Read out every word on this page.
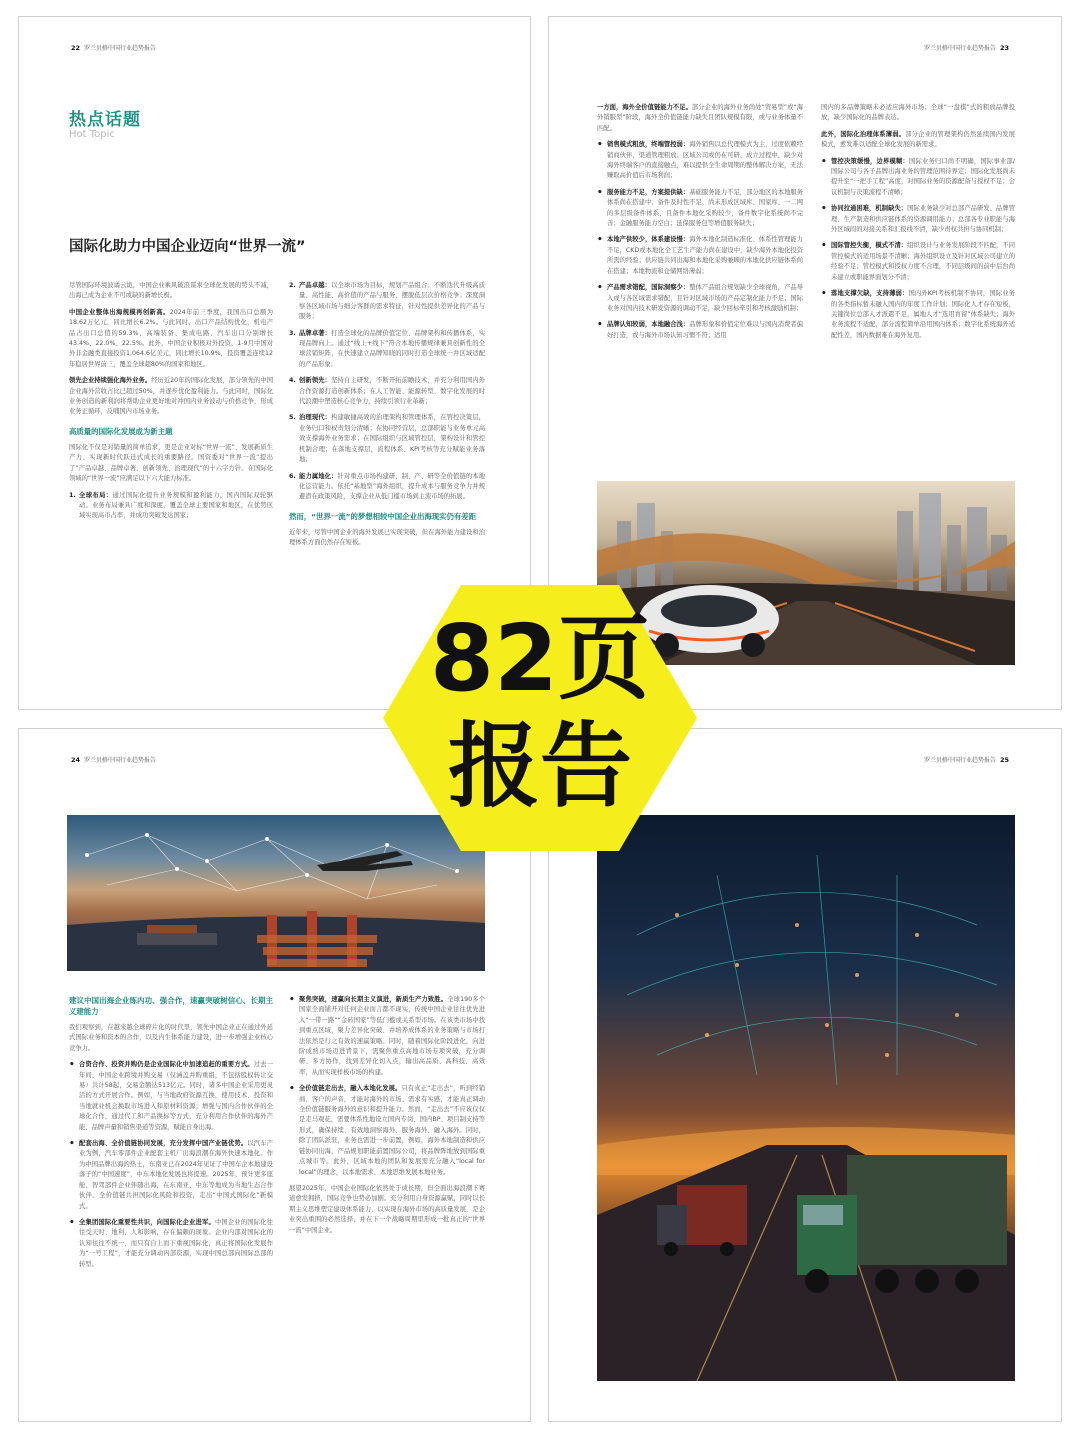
22 罗兰贝格中国行业趋势报告
热点话题
Hot Topic
国际化助力中国企业迈向“世界一流”

尽管国际环境波谲云诡，中国企业乘风破浪谋求全球化发展的势头不减，出海已成为企业不可或缺的新增长极。

中国企业整体出海规模再创新高。2024年前三季度，我国出口总额为18.62万亿元，同比增长6.2%。与此同时，出口产品结构优化，机电产品占出口总值的59.3%，高端装备、集成电路、汽车出口分别增长43.4%、22.0%、22.5%。此外，中国企业积极对外投资，1-9月中国对外非金融类直接投资1,064.6亿美元，同比增长10.9%，投资覆盖连续12年稳居世界前三，覆盖全球超80%的国家和地区。

领先企业持续强化海外业务。经历近20年的国际化发展，部分领先的中国企业海外营收占比已超过50%，并逐步优化盈利能力。与此同时，国际化业务创造的新利润将帮助企业更好地对冲国内业务波动与价格竞争，形成业务正循环，反哺国内市场业务。

高质量的国际化发展成为新主题

国际化不仅是对销量的简单追求，更是企业对标“世界一流”、发展新质生产力、实现新时代跃迁式成长的重要路径。国资委对“世界一流”提出了“产品卓越、品牌卓著、创新领先、治理现代”的十六字方针。在国际化领域的“世界一流”应满足以下六大能力标准。

1. 全球布局：通过国际化提升业务规模和盈利能力，国内国际双轮驱动。业务布局兼具广度和深度，覆盖全球主要国家和地区，在优势区域实现高市占率，并成功突破发达国家；
2. 产品卓越：以全球市场为目标，规划产品组合；不断迭代升级高质量、高性能、高价值的产品与服务，摆脱低层次价格竞争；深度洞察各区域市场与细分客群的需求特征，针对性提供差异化的产品与服务；
3. 品牌卓著：打造全球化的品牌价值定位、品牌架构和传播体系，实现品牌向上。通过“线上+线下”符合本地传播规律兼具创新性的全球营销矩阵，在快速建立品牌知晓的同时打造全球统一并区域适配的产品形象；
4. 创新领先：坚持自主研发，不断开拓前瞻技术，并充分利用国内外合作资源打造创新体系；在人工智能、能源转型、数字化发展的时代浪潮中塑造核心竞争力，持续引领行业革新；
5. 治理现代：构建敏捷高效的治理架构和管理体系，在管控决策层，业务归口和权责划分清晰；在协同经营层，总部职能与业务单元高效支撑海外业务需求；在国际组织与区域管控层，架构设计和管控机制合理；在落地支撑层，流程体系、KPI考核等充分赋能业务落地；
6. 能力属地化：针对重点市场构建研、制、产、研等全价值链的本地化运营能力。依托“基地型”海外组织，提升成本与服务竞争力并规避潜在政策风险，支撑企业从低门槛市场到主流市场的拓展。
然而，“世界一流”的梦想相较中国企业出海现实仍有差距

近年来，尽管中国企业的海外发展已实现突破，但在海外能力建设和治理体系方面仍然存在短板。

罗兰贝格中国行业趋势报告 23

一方面，海外全价值链能力不足。部分企业的海外业务尚处“贸易型”或“海外销服型”阶段，海外全价值链能力缺失且团队规模有限，或与业务体量不匹配。

• 销售模式粗放，终端管控弱：海外销售以总代理模式为主，过度依赖经销商伙伴，渠道管理粗放；区域公司或仍在可研、成立过程中，缺少对海外终端客户的直接触点，难以提供全生命周期的整体解决方案，无法赚取高价值后市场利润；
• 服务能力不足，方案提供缺：基础服务能力不足，部分地区的本地服务体系尚在搭建中；备件及时性不足，尚未形成区域库、国家库、一二网的多层级备件体系，且备件本地化采购较少，备件数字化系统尚不完善；金融服务能力空白；延保服务包等增值服务缺失；
• 本地产供较少，体系建设慢：海外本地化制造标准化、体系性管理能力不足，CKD或本地化全工艺生产能力尚在建设中，缺少海外本地化投资所需的经验；供应链共同出海和本地化采购兼顾的本地化供应链体系尚在搭建；本地物流和仓储网络薄弱；
• 产品需求错配，国际洞察少：整体产品组合规划缺少全球视角，产品导入或与各区域需求错配，且针对区域市场的产品定制化能力不足；国际业务对国内技术研发资源的调动不足，缺少回标牵引和考核激励机制；
• 品牌认知较弱，本地融合浅：品牌形象和价值定位难以与国内消费者偏好打造，或与海外市场认知习惯不符；适用

国内的多品牌策略未必适应海外市场；全球“一盘棋”式的粗放品牌投放，缺少国际化的品牌表达。

此外，国际化治理体系薄弱。部分企业的管理架构仍然延续国内发展模式，愈发难以适配全球化发展的新需求。

• 管控决策缓慢，边界模糊：国际业务归口尚不明确，国际事业部/国际公司与各子品牌出海业务的管理范围待界定；国际化发展尚未提升至“一把手工程”高度，对国际业务的资源配备与授权不足；会议机制与决策流程不清晰；
• 协同拉通困难，机制缺失：国际业务缺少对总部产品研发、品牌管理、生产制造和供应链体系的资源调用能力；总部各专业职能与海外区域间的对接关系和汇报线不清，缺少责权共担与协同机制；
• 国际管控失衡，模式不清：组织设计与业务发展阶段不匹配，不同管控模式的适用场景不清晰；海外组织设立及针对区域公司建立的经验不足；管控模式和授权力度不合理，不同层级间的前中后台尚未建立或职能界面划分不清；
• 落地支撑欠缺，支持薄弱：国内外KPI考核机制不协同，国际业务的各类指标暂未融入国内的年度工作计划；国际化人才存在短板，关键岗位总部人才派遣不足，属地人才“选用育留”体系缺失；海外业务流程不适配，部分流程简单沿用国内体系；数字化系统海外适配性差，国内数据难在海外复用。
24 罗兰贝格中国行业趋势报告
建议中国出海企业练内功、强合作，速赢突破树信心、长期主义建能力

我们观察到，在越来越全球碎片化的时代里，领先中国企业正在通过外延式国际业务和资本的合作，以及内生体系能力建设，进一步增强企业核心竞争力。

• 合资合作、投资并购仍是企业国际化中加速追赶的重要方式。过去一年间，中国企业跨境并购交易（仅涵盖并购重组，不包括股权转让交易）共计58起，交易金额达513亿元。同时，诸多中国企业采用更灵活的方式开展合作。例如，与当地政府资源互换，使用技术、投资和当地就业机会换取市场进入和原材料资源；增强与国内合作伙伴的全球化合作，通过代工和产品换标等方式，充分利用合作伙伴的海外产能、品牌声量和销售渠道等资源，赋能自身出海。
• 配套出海、全价值链协同发展，充分发挥中国产业链优势。以汽车产业为例，汽车零部件企业配套主机厂出海浪潮在海外快速本地化。作为中国品牌出海的热土，东南亚已在2024年见证了中国车企本地建设落子的“中国速度”，中东本地化发展也将提速。2025年，预计更多座舱、智驾部件企业伴随出海，在东南亚、中东等地成为当地生态合作伙伴。全价值链共担国际化风险和投资，走出“中国式国际化”新模式。
• 全集团国际化重要性共识，向国际化企业进军。中国企业的国际化往往受天时、地利、人和影响，存在偏颇的现象。企业内部对国际化的认知往往不统一，而只有自上而下重视国际化，真正将国际化发展作为“一号工程”，才能充分调动内部资源，实现中国总部向国际总部的转型。
• 聚焦突破，速赢向长期主义演进，新质生产力致胜。全球190多个国家全面铺开对任何企业而言都不现实，传统中国企业往往优先进入“一带一路”“金砖国家”等低门槛或关系型市场。在该类市场中找到重点区域，聚力差异化突破、并培养成体系的业务策略与市场打法依然是行之有效的速赢策略。同时，随着国际化阶段进化，向进阶成熟市场迈进背景下，需聚焦重点高地市场专项突破，充分调研、多方协作，找到差异化切入点，输出高品质、高科技、高效率，从而实现样板市场的构建。
• 全价值链走出去，融入本地化发展。只有真正“走出去”，听到经销商、客户的声音，才能对海外的市场、需求有实感，才能真正调动全价值链服务海外的意识和提升能力。然而，“走出去”不应该仅仅是走马观花，需要体系性地设立国内专岗、国内BP、项目制支持等形式，确保持续、有效地洞察海外、服务海外、融入海外。同时，除了团队派驻，业务也需进一步前置，例如，海外本地制造和供应链协同出海，产品规划职能前置国际公司，将品牌阵地放到国际重点城市等。此外，区域本地的团队和发展需充分融入“local for local”的理念，以本地需求、本地思维发展本地业务。

展望2025年，中国企业国际化依然处于成长期，但全面出海浪潮下赛道愈发拥挤，国际竞争也势必加剧。充分利用自身资源赢赋，同时以长期主义思维塑定建设体系能力，以实现在海外市场的高质量发展，是企业突出重围的必然选择，并在下一个战略周期里形成一批真正的“世界一流”中国企业。

罗兰贝格中国行业趋势报告 25
82页
报告
